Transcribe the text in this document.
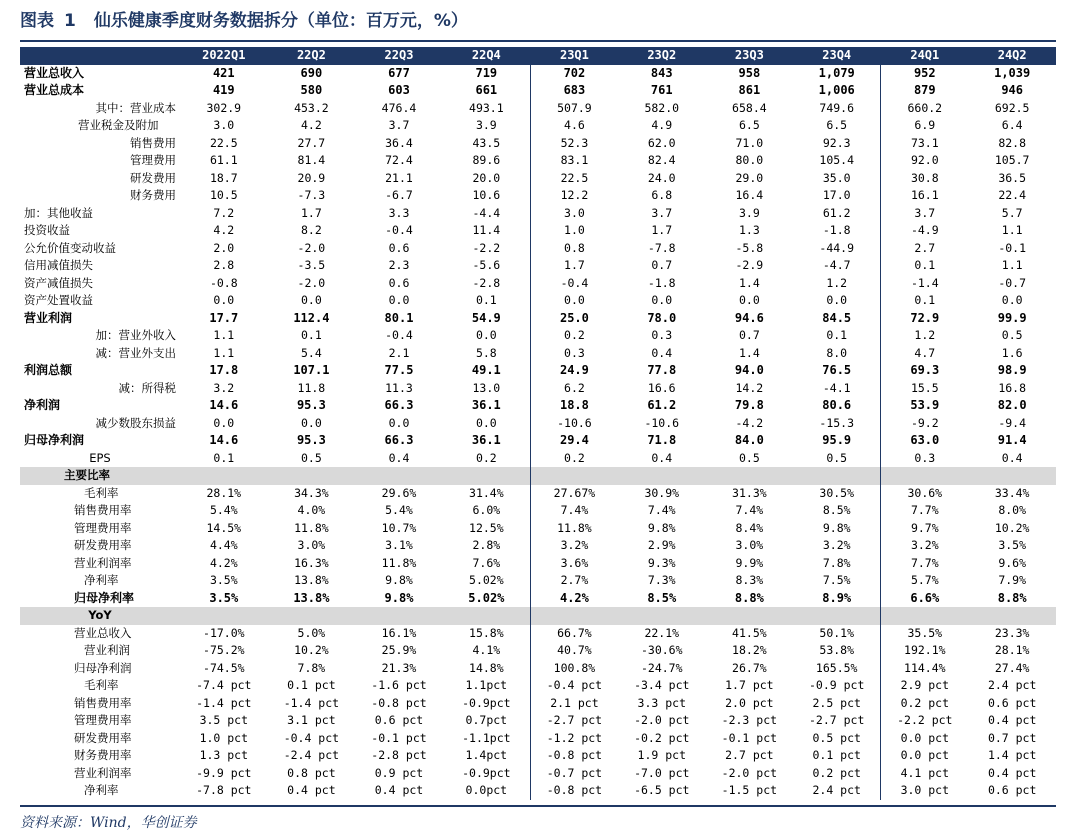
图表 1 仙乐健康季度财务数据拆分（单位：百万元，%）
	2022Q1	22Q2	22Q3	22Q4	23Q1	23Q2	23Q3	23Q4	24Q1	24Q2
营业总收入	421	690	677	719	702	843	958	1,079	952	1,039
营业总成本	419	580	603	661	683	761	861	1,006	879	946
其中：营业成本	302.9	453.2	476.4	493.1	507.9	582.0	658.4	749.6	660.2	692.5
营业税金及附加	3.0	4.2	3.7	3.9	4.6	4.9	6.5	6.5	6.9	6.4
销售费用	22.5	27.7	36.4	43.5	52.3	62.0	71.0	92.3	73.1	82.8
管理费用	61.1	81.4	72.4	89.6	83.1	82.4	80.0	105.4	92.0	105.7
研发费用	18.7	20.9	21.1	20.0	22.5	24.0	29.0	35.0	30.8	36.5
财务费用	10.5	-7.3	-6.7	10.6	12.2	6.8	16.4	17.0	16.1	22.4
加：其他收益	7.2	1.7	3.3	-4.4	3.0	3.7	3.9	61.2	3.7	5.7
投资收益	4.2	8.2	-0.4	11.4	1.0	1.7	1.3	-1.8	-4.9	1.1
公允价值变动收益	2.0	-2.0	0.6	-2.2	0.8	-7.8	-5.8	-44.9	2.7	-0.1
信用减值损失	2.8	-3.5	2.3	-5.6	1.7	0.7	-2.9	-4.7	0.1	1.1
资产减值损失	-0.8	-2.0	0.6	-2.8	-0.4	-1.8	1.4	1.2	-1.4	-0.7
资产处置收益	0.0	0.0	0.0	0.1	0.0	0.0	0.0	0.0	0.1	0.0
营业利润	17.7	112.4	80.1	54.9	25.0	78.0	94.6	84.5	72.9	99.9
加：营业外收入	1.1	0.1	-0.4	0.0	0.2	0.3	0.7	0.1	1.2	0.5
减：营业外支出	1.1	5.4	2.1	5.8	0.3	0.4	1.4	8.0	4.7	1.6
利润总额	17.8	107.1	77.5	49.1	24.9	77.8	94.0	76.5	69.3	98.9
减：所得税	3.2	11.8	11.3	13.0	6.2	16.6	14.2	-4.1	15.5	16.8
净利润	14.6	95.3	66.3	36.1	18.8	61.2	79.8	80.6	53.9	82.0
减少数股东损益	0.0	0.0	0.0	0.0	-10.6	-10.6	-4.2	-15.3	-9.2	-9.4
归母净利润	14.6	95.3	66.3	36.1	29.4	71.8	84.0	95.9	63.0	91.4
EPS	0.1	0.5	0.4	0.2	0.2	0.4	0.5	0.5	0.3	0.4
主要比率										
毛利率	28.1%	34.3%	29.6%	31.4%	27.67%	30.9%	31.3%	30.5%	30.6%	33.4%
销售费用率	5.4%	4.0%	5.4%	6.0%	7.4%	7.4%	7.4%	8.5%	7.7%	8.0%
管理费用率	14.5%	11.8%	10.7%	12.5%	11.8%	9.8%	8.4%	9.8%	9.7%	10.2%
研发费用率	4.4%	3.0%	3.1%	2.8%	3.2%	2.9%	3.0%	3.2%	3.2%	3.5%
营业利润率	4.2%	16.3%	11.8%	7.6%	3.6%	9.3%	9.9%	7.8%	7.7%	9.6%
净利率	3.5%	13.8%	9.8%	5.02%	2.7%	7.3%	8.3%	7.5%	5.7%	7.9%
归母净利率	3.5%	13.8%	9.8%	5.02%	4.2%	8.5%	8.8%	8.9%	6.6%	8.8%
YoY										
营业总收入	-17.0%	5.0%	16.1%	15.8%	66.7%	22.1%	41.5%	50.1%	35.5%	23.3%
营业利润	-75.2%	10.2%	25.9%	4.1%	40.7%	-30.6%	18.2%	53.8%	192.1%	28.1%
归母净利润	-74.5%	7.8%	21.3%	14.8%	100.8%	-24.7%	26.7%	165.5%	114.4%	27.4%
毛利率	-7.4 pct	0.1 pct	-1.6 pct	1.1pct	-0.4 pct	-3.4 pct	1.7 pct	-0.9 pct	2.9 pct	2.4 pct
销售费用率	-1.4 pct	-1.4 pct	-0.8 pct	-0.9pct	2.1 pct	3.3 pct	2.0 pct	2.5 pct	0.2 pct	0.6 pct
管理费用率	3.5 pct	3.1 pct	0.6 pct	0.7pct	-2.7 pct	-2.0 pct	-2.3 pct	-2.7 pct	-2.2 pct	0.4 pct
研发费用率	1.0 pct	-0.4 pct	-0.1 pct	-1.1pct	-1.2 pct	-0.2 pct	-0.1 pct	0.5 pct	0.0 pct	0.7 pct
财务费用率	1.3 pct	-2.4 pct	-2.8 pct	1.4pct	-0.8 pct	1.9 pct	2.7 pct	0.1 pct	0.0 pct	1.4 pct
营业利润率	-9.9 pct	0.8 pct	0.9 pct	-0.9pct	-0.7 pct	-7.0 pct	-2.0 pct	0.2 pct	4.1 pct	0.4 pct
净利率	-7.8 pct	0.4 pct	0.4 pct	0.0pct	-0.8 pct	-6.5 pct	-1.5 pct	2.4 pct	3.0 pct	0.6 pct
资料来源：Wind，华创证券
